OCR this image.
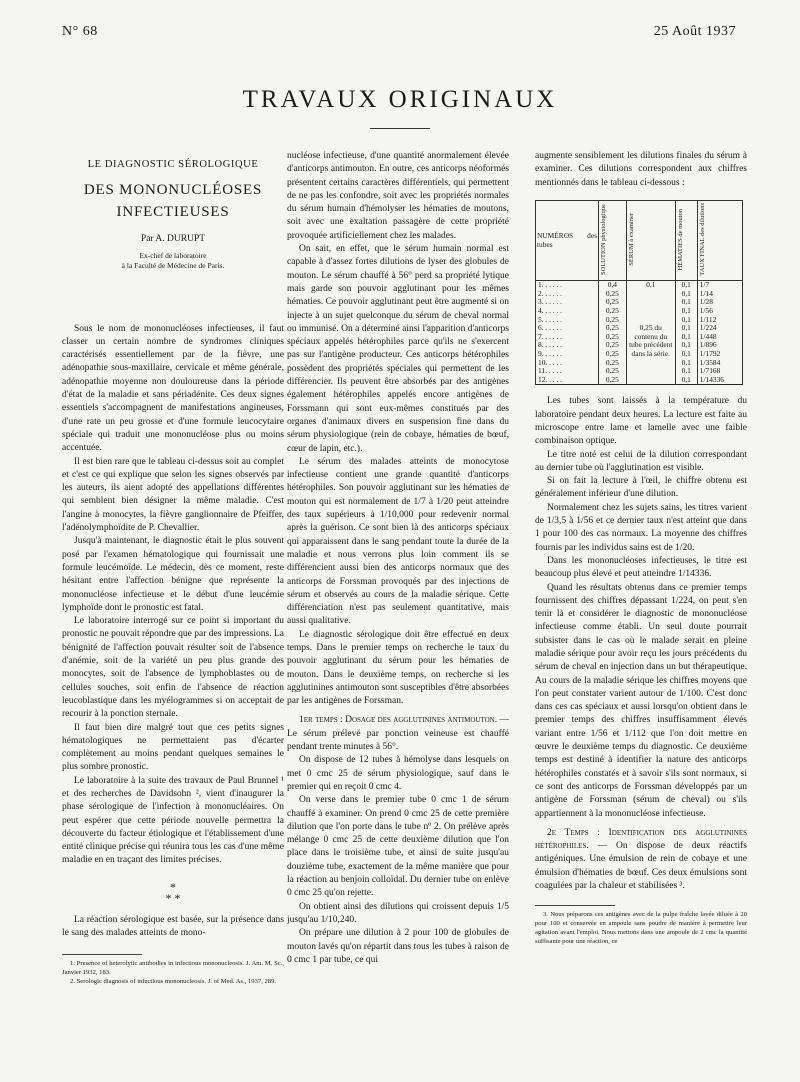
N° 68	25 Août 1937
TRAVAUX ORIGINAUX
LE DIAGNOSTIC SÉROLOGIQUE
DES MONONUCLÉOSES
INFECTIEUSES
Par A. DURUPT
Ex-chef de laboratoire
à la Faculté de Médecine de Paris.

Sous le nom de mononucléoses infectieuses, il faut classer un certain nombre de syndromes cliniques caractérisés essentiellement par de la fièvre, une adénopathie sous-maxillaire, cervicale et même générale, adénopathie moyenne non douloureuse dans la période d'état de la maladie et sans périadénite. Ces deux signes essentiels s'accompagnent de manifestations angineuses, d'une rate un peu grosse et d'une formule leucocytaire spéciale qui traduit une mononucléose plus ou moins accentuée.

Il est bien rare que le tableau ci-dessus soit au complet et c'est ce qui explique que selon les signes observés par les auteurs, ils aient adopté des appellations différentes qui semblent bien désigner la même maladie. C'est l'angine à monocytes, la fièvre ganglionnaire de Pfeiffer, l'adénolymphoïdite de P. Chevallier.

Jusqu'à maintenant, le diagnostic était le plus souvent posé par l'examen hématologique qui fournissait une formule leucémoïde. Le médecin, dès ce moment, reste hésitant entre l'affection bénigne que représente la mononucléose infectieuse et le début d'une leucémie lymphoïde dont le pronostic est fatal.

Le laboratoire interrogé sur ce point si important du pronostic ne pouvait répondre que par des impressions. La bénignité de l'affection pouvait résulter soit de l'absence d'anémie, soit de la variété un peu plus grande des monocytes, soit de l'absence de lymphoblastes ou de cellules souches, soit enfin de l'absence de réaction leucoblastique dans les myélogrammes si on acceptait de recourir à la ponction sternale.

Il faut bien dire malgré tout que ces petits signes hématologiques ne permettaient pas d'écarter complètement au moins pendant quelques semaines le plus sombre pronostic.

Le laboratoire à la suite des travaux de Paul Brunnel ¹ et des recherches de Davidsohn ², vient d'inaugurer la phase sérologique de l'infection à mononucléaires. On peut espérer que cette période nouvelle permettra la découverte du facteur étiologique et l'établissement d'une entité clinique précise qui réunira tous les cas d'une même maladie en en traçant des limites précises.

*
* *

La réaction sérologique est basée, sur la présence dans le sang des malades atteints de mono-

1. Presence of heterolytic antibodies in infectious mononucleosis. J. Am. M. Sc., Janvier 1932, 183.

2. Serologic diagnosis of infectious mononucleosis. J. of Med. As., 1937, 289.

nucléose infectieuse, d'une quantité anormalement élevée d'anticorps antimouton. En outre, ces anticorps néoformés présentent certains caractères différentiels, qui permettent de ne pas les confondre, soit avec les propriétés normales du sérum humain d'hémolyser les hématies de moutons, soit avec une exaltation passagère de cette propriété provoquée artificiellement chez les malades.

On sait, en effet, que le sérum humain normal est capable à d'assez fortes dilutions de lyser des globules de mouton. Le sérum chauffé à 56° perd sa propriété lytique mais garde son pouvoir agglutinant pour les mêmes hématies. Ce pouvoir agglutinant peut être augmenté si on injecte à un sujet quelconque du sérum de cheval normal ou immunisé. On a déterminé ainsi l'apparition d'anticorps spéciaux appelés hétérophiles parce qu'ils ne s'exercent pas sur l'antigène producteur. Ces anticorps hétérophiles possèdent des propriétés spéciales qui permettent de les différencier. Ils peuvent être absorbés par des antigènes également hétérophiles appelés encore antigènes de Forssmann qui sont eux-mêmes constitués par des organes d'animaux divers en suspension fine dans du sérum physiologique (rein de cobaye, hématies de bœuf, cœur de lapin, etc.).

Le sérum des malades atteints de monocytose infectieuse contient une grande quantité d'anticorps hétérophiles. Son pouvoir agglutinant sur les hématies de mouton qui est normalement de 1/7 à 1/20 peut atteindre des taux supérieurs à 1/10,000 pour redevenir normal après la guérison. Ce sont bien là des anticorps spéciaux qui apparaissent dans le sang pendant toute la durée de la maladie et nous verrons plus loin comment ils se différencient aussi bien des anticorps normaux que des anticorps de Forssman provoqués par des injections de sérum et observés au cours de la maladie sérique. Cette différenciation n'est pas seulement quantitative, mais aussi qualitative.

Le diagnostic sérologique doit être effectué en deux temps. Dans le premier temps on recherche le taux du pouvoir agglutinant du sérum pour les hématies de mouton. Dans le deuxième temps, on recherche si les agglutinines antimouton sont susceptibles d'être absorbées par les antigènes de Forssman.

1er temps : Dosage des agglutinines antimouton. — Le sérum prélevé par ponction veineuse est chauffé pendant trente minutes à 56°.

On dispose de 12 tubes à hémolyse dans lesquels on met 0 cmc 25 de sérum physiologique, sauf dans le premier qui en reçoit 0 cmc 4.

On verse dans le premier tube 0 cmc 1 de sérum chauffé à examiner. On prend 0 cmc 25 de cette première dilution que l'on porte dans le tube nº 2. On prélève après mélange 0 cmc 25 de cette deuxième dilution que l'on place dans le troisième tube, et ainsi de suite jusqu'au douzième tube, exactement de la même manière que pour la réaction au benjoin colloïdal. Du dernier tube on enlève 0 cmc 25 qu'on rejette.

On obtient ainsi des dilutions qui croissent depuis 1/5 jusqu'au 1/10,240.

On prépare une dilution à 2 pour 100 de globules de mouton lavés qu'on répartit dans tous les tubes à raison de 0 cmc 1 par tube, ce qui

augmente sensiblement les dilutions finales du sérum à examiner. Ces dilutions correspondent aux chiffres mentionnés dans le tableau ci-dessous :

NUMÉROS des tubes	SOLUTION physiologique	SÉRUM à examiner	HÉMATIES de mouton	TAUX FINAL des dilutions
1. . . . . .	0,4	0,1	0,1	1/7
2. . . . . .	0,25		0,1	1/14
3. . . . . .	0,25	0,25 du contenu du tube précédent dans la série.	0,1	1/28
4. . . . . .	0,25		0,1	1/56
5. . . . . .	0,25		0,1	1/112
6. . . . . .	0,25		0,1	1/224
7. . . . . .	0,25		0,1	1/448
8. . . . . .	0,25		0,1	1/896
9. . . . . .	0,25		0,1	1/1792
10. . . . .	0,25		0,1	1/3584
11. . . . .	0,25		0,1	1/7168
12. . . . .	0,25		0,1	1/14336

Les tubes sont laissés à la température du laboratoire pendant deux heures. La lecture est faite au microscope entre lame et lamelle avec une faible combinaison optique.

Le titre noté est celui de la dilution correspondant au dernier tube où l'agglutination est visible.

Si on fait la lecture à l'œil, le chiffre obtenu est généralement inférieur d'une dilution.

Normalement chez les sujets sains, les titres varient de 1/3,5 à 1/56 et ce dernier taux n'est atteint que dans 1 pour 100 des cas normaux. La moyenne des chiffres fournis par les individus sains est de 1/20.

Dans les mononucléoses infectieuses, le titre est beaucoup plus élevé et peut atteindre 1/14336.

Quand les résultats obtenus dans ce premier temps fournissent des chiffres dépassant 1/224, on peut s'en tenir là et considérer le diagnostic de mononucléose infectieuse comme établi. Un seul doute pourrait subsister dans le cas où le malade serait en pleine maladie sérique pour avoir reçu les jours précédents du sérum de cheval en injection dans un but thérapeutique. Au cours de la maladie sérique les chiffres moyens que l'on peut constater varient autour de 1/100. C'est donc dans ces cas spéciaux et aussi lorsqu'on obtient dans le premier temps des chiffres insuffisamment élevés variant entre 1/56 et 1/112 que l'on doit mettre en œuvre le deuxième temps du diagnostic. Ce deuxième temps est destiné à identifier la nature des anticorps hétérophiles constatés et à savoir s'ils sont normaux, si ce sont des anticorps de Forssman développés par un antigène de Forssman (sérum de cheval) ou s'ils appartiennent à la mononucléose infectieuse.

2e Temps : Identification des agglutinines hétérophiles. — On dispose de deux réactifs antigéniques. Une émulsion de rein de cobaye et une émulsion d'hématies de bœuf. Ces deux émulsions sont coagulées par la chaleur et stabilisées ³.

3. Nous préparons ces antigènes avec de la pulpe fraîche lavée diluée à 20 pour 100 et conservée en ampoule sans poudre de manière à permettre leur agitation avant l'emploi. Nous mettons dans une ampoule de 2 cmc la quantité suffisante pour une réaction, ce
